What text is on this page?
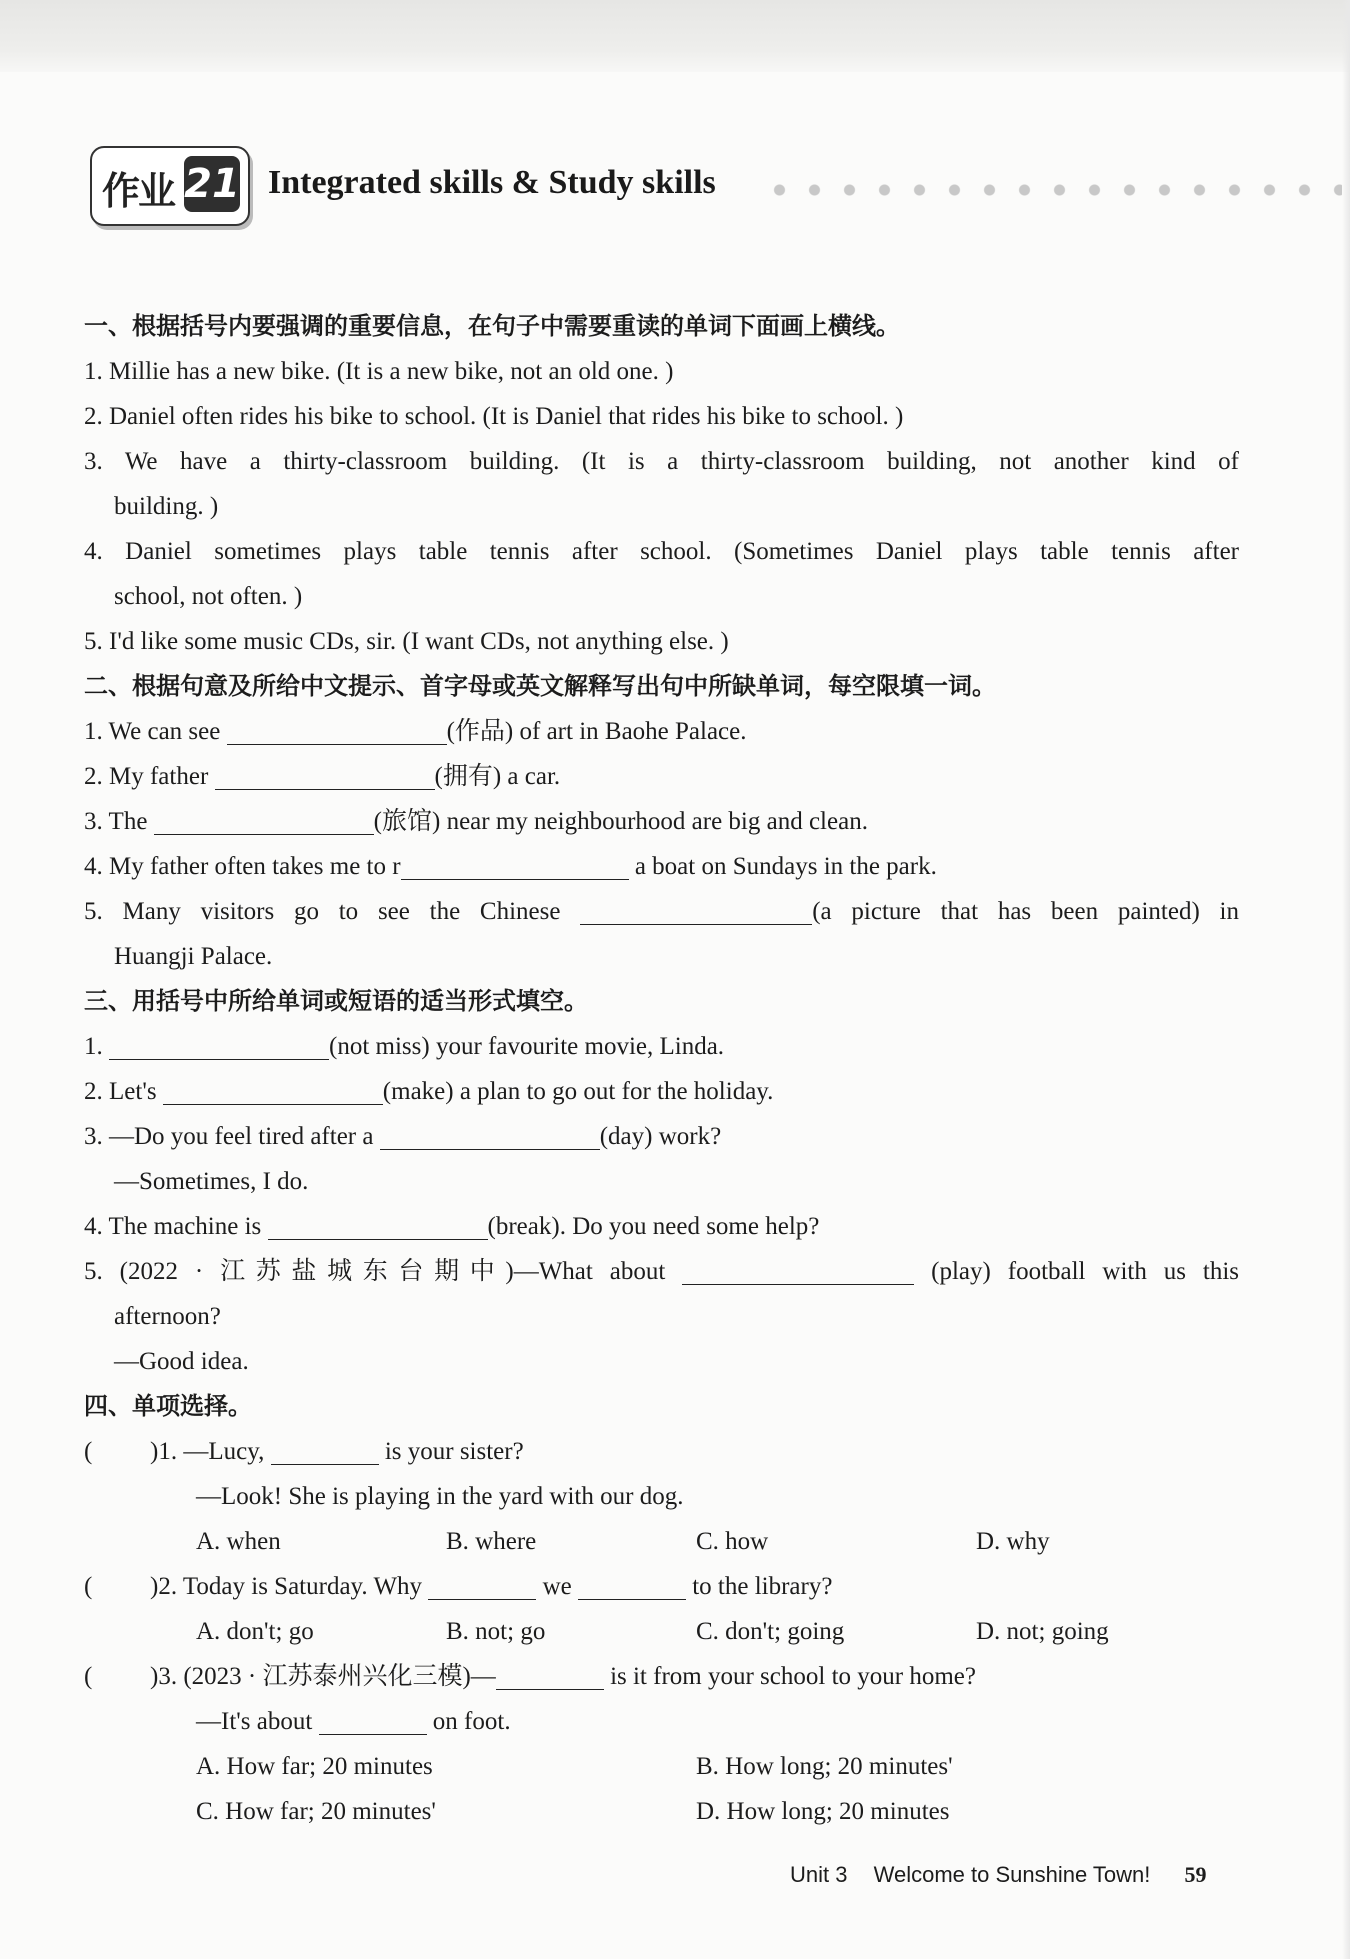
作业 21 Integrated skills & Study skills
一、根据括号内要强调的重要信息，在句子中需要重读的单词下面画上横线。
1. Millie has a new bike. (It is a new bike, not an old one. )
2. Daniel often rides his bike to school. (It is Daniel that rides his bike to school. )
3. We have a thirty-classroom building. (It is a thirty-classroom building, not another kind of
building. )
4. Daniel sometimes plays table tennis after school. (Sometimes Daniel plays table tennis after
school, not often. )
5. I'd like some music CDs, sir. (I want CDs, not anything else. )
二、根据句意及所给中文提示、首字母或英文解释写出句中所缺单词，每空限填一词。
1. We can see	(作品) of art in Baohe Palace.
2. My father	(拥有) a car.
3. The	(旅馆) near my neighbourhood are big and clean.
4. My father often takes me to r	a boat on Sundays in the park.
5. Many visitors go to see the Chinese	(a picture that has been painted) in
Huangji Palace.
三、用括号中所给单词或短语的适当形式填空。
1.	(not miss) your favourite movie, Linda.
2. Let's	(make) a plan to go out for the holiday.
3. —Do you feel tired after a	(day) work?
—Sometimes, I do.
4. The machine is	(break). Do you need some help?
5. (2022 · 江苏盐城东台期中)—What about	(play) football with us this
afternoon?
—Good idea.
四、单项选择。
( )1. —Lucy,	is your sister?
—Look! She is playing in the yard with our dog.
A. when	B. where	C. how	D. why
( )2. Today is Saturday. Why	we	to the library?
A. don't; go	B. not; go	C. don't; going	D. not; going
( )3. (2023 · 江苏泰州兴化三模)—	is it from your school to your home?
—It's about	on foot.
A. How far; 20 minutes	B. How long; 20 minutes'
C. How far; 20 minutes'	D. How long; 20 minutes
Unit 3 Welcome to Sunshine Town! 59
